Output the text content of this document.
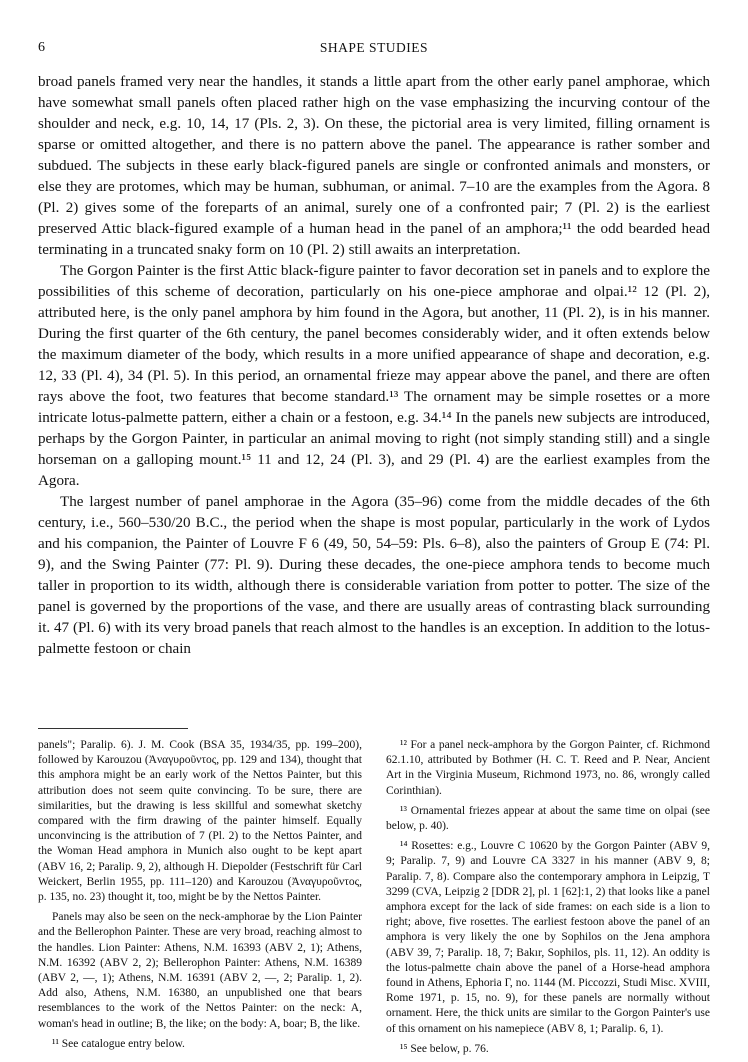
6	SHAPE STUDIES

broad panels framed very near the handles, it stands a little apart from the other early panel amphorae, which have somewhat small panels often placed rather high on the vase emphasizing the incurving contour of the shoulder and neck, e.g. 10, 14, 17 (Pls. 2, 3). On these, the pictorial area is very limited, filling ornament is sparse or omitted altogether, and there is no pattern above the panel. The appearance is rather somber and subdued. The subjects in these early black-figured panels are single or confronted animals and monsters, or else they are protomes, which may be human, subhuman, or animal. 7–10 are the examples from the Agora. 8 (Pl. 2) gives some of the foreparts of an animal, surely one of a confronted pair; 7 (Pl. 2) is the earliest preserved Attic black-figured example of a human head in the panel of an amphora;¹¹ the odd bearded head terminating in a truncated snaky form on 10 (Pl. 2) still awaits an interpretation.

The Gorgon Painter is the first Attic black-figure painter to favor decoration set in panels and to explore the possibilities of this scheme of decoration, particularly on his one-piece amphorae and olpai.¹² 12 (Pl. 2), attributed here, is the only panel amphora by him found in the Agora, but another, 11 (Pl. 2), is in his manner. During the first quarter of the 6th century, the panel becomes considerably wider, and it often extends below the maximum diameter of the body, which results in a more unified appearance of shape and decoration, e.g. 12, 33 (Pl. 4), 34 (Pl. 5). In this period, an ornamental frieze may appear above the panel, and there are often rays above the foot, two features that become standard.¹³ The ornament may be simple rosettes or a more intricate lotus-palmette pattern, either a chain or a festoon, e.g. 34.¹⁴ In the panels new subjects are introduced, perhaps by the Gorgon Painter, in particular an animal moving to right (not simply standing still) and a single horseman on a galloping mount.¹⁵ 11 and 12, 24 (Pl. 3), and 29 (Pl. 4) are the earliest examples from the Agora.

The largest number of panel amphorae in the Agora (35–96) come from the middle decades of the 6th century, i.e., 560–530/20 B.C., the period when the shape is most popular, particularly in the work of Lydos and his companion, the Painter of Louvre F 6 (49, 50, 54–59: Pls. 6–8), also the painters of Group E (74: Pl. 9), and the Swing Painter (77: Pl. 9). During these decades, the one-piece amphora tends to become much taller in proportion to its width, although there is considerable variation from potter to potter. The size of the panel is governed by the proportions of the vase, and there are usually areas of contrasting black surrounding it. 47 (Pl. 6) with its very broad panels that reach almost to the handles is an exception. In addition to the lotus-palmette festoon or chain

panels"; Paralip. 6). J. M. Cook (BSA 35, 1934/35, pp. 199–200), followed by Karouzou (Ἀναγυροῦντος, pp. 129 and 134), thought that this amphora might be an early work of the Nettos Painter, but this attribution does not seem quite convincing. To be sure, there are similarities, but the drawing is less skillful and somewhat sketchy compared with the firm drawing of the painter himself. Equally unconvincing is the attribution of 7 (Pl. 2) to the Nettos Painter, and the Woman Head amphora in Munich also ought to be kept apart (ABV 16, 2; Paralip. 9, 2), although H. Diepolder (Festschrift für Carl Weickert, Berlin 1955, pp. 111–120) and Karouzou (Ἀναγυροῦντος, p. 135, no. 23) thought it, too, might be by the Nettos Painter.

Panels may also be seen on the neck-amphorae by the Lion Painter and the Bellerophon Painter. These are very broad, reaching almost to the handles. Lion Painter: Athens, N.M. 16393 (ABV 2, 1); Athens, N.M. 16392 (ABV 2, 2); Bellerophon Painter: Athens, N.M. 16389 (ABV 2, —, 1); Athens, N.M. 16391 (ABV 2, —, 2; Paralip. 1, 2). Add also, Athens, N.M. 16380, an unpublished one that bears resemblances to the work of the Nettos Painter: on the neck: A, woman's head in outline; B, the like; on the body: A, boar; B, the like.

¹¹ See catalogue entry below.

¹² For a panel neck-amphora by the Gorgon Painter, cf. Richmond 62.1.10, attributed by Bothmer (H. C. T. Reed and P. Near, Ancient Art in the Virginia Museum, Richmond 1973, no. 86, wrongly called Corinthian).

¹³ Ornamental friezes appear at about the same time on olpai (see below, p. 40).

¹⁴ Rosettes: e.g., Louvre C 10620 by the Gorgon Painter (ABV 9, 9; Paralip. 7, 9) and Louvre CA 3327 in his manner (ABV 9, 8; Paralip. 7, 8). Compare also the contemporary amphora in Leipzig, T 3299 (CVA, Leipzig 2 [DDR 2], pl. 1 [62]:1, 2) that looks like a panel amphora except for the lack of side frames: on each side is a lion to right; above, five rosettes. The earliest festoon above the panel of an amphora is very likely the one by Sophilos on the Jena amphora (ABV 39, 7; Paralip. 18, 7; Bakır, Sophilos, pls. 11, 12). An oddity is the lotus-palmette chain above the panel of a Horse-head amphora found in Athens, Ephoria Γ, no. 1144 (M. Piccozzi, Studi Misc. XVIII, Rome 1971, p. 15, no. 9), for these panels are normally without ornament. Here, the thick units are similar to the Gorgon Painter's use of this ornament on his namepiece (ABV 8, 1; Paralip. 6, 1).

¹⁵ See below, p. 76.
